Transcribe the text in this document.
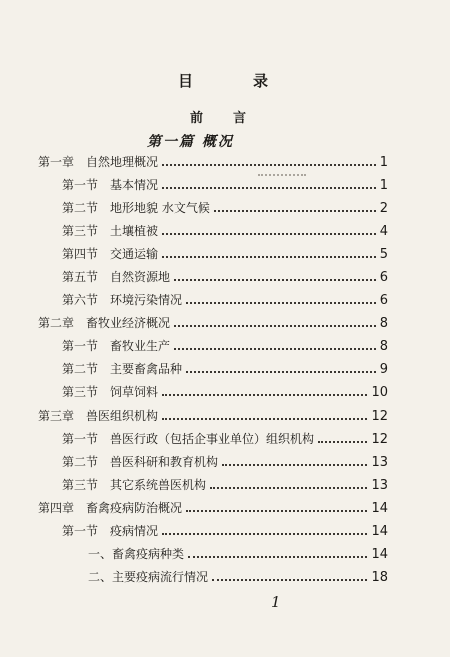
目	录
前 言
第一篇 概况
第一章　自然地理概况	1
第一节　基本情况	1
第二节　地形地貌 水文气候	2
第三节　土壤植被	4
第四节　交通运输	5
第五节　自然资源地	6
第六节　环境污染情况	6
第二章　畜牧业经济概况	8
第一节　畜牧业生产	8
第二节　主要畜禽品种	9
第三节　饲草饲料	10
第三章　兽医组织机构	12
第一节　兽医行政（包括企事业单位）组织机构	12
第二节　兽医科研和教育机构	13
第三节　其它系统兽医机构	13
第四章　畜禽疫病防治概况	14
第一节　疫病情况	14
一、畜禽疫病种类	14
二、主要疫病流行情况	18
1
